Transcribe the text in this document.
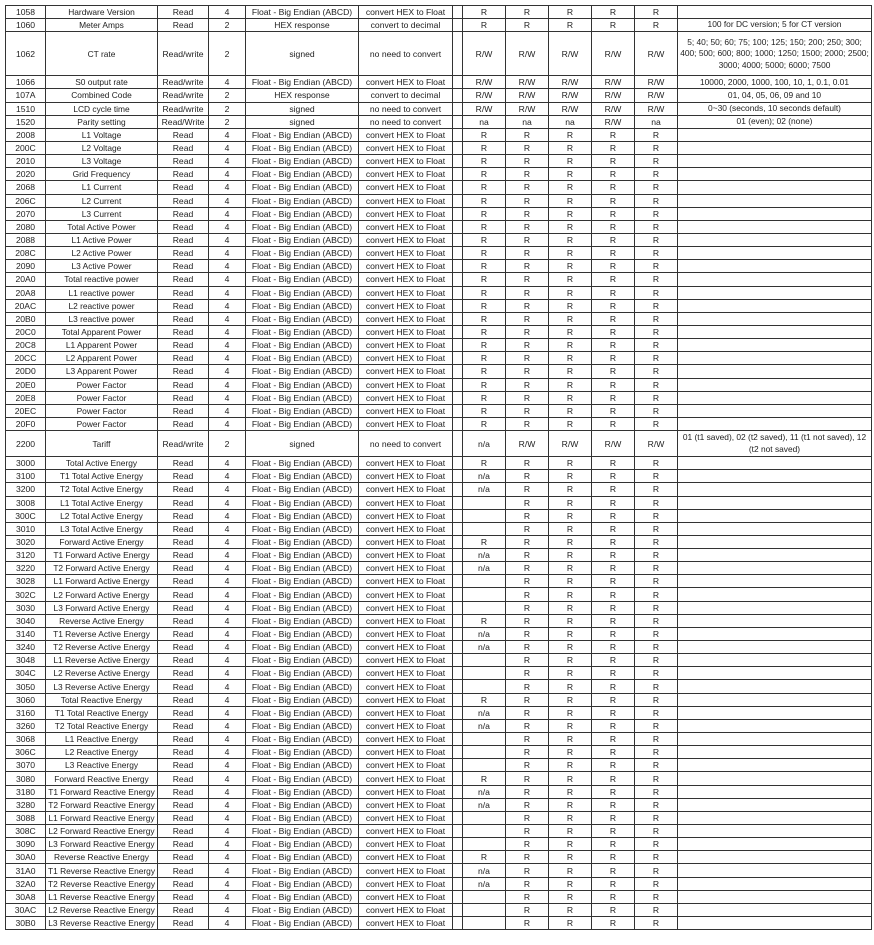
1058	Hardware Version	Read	4	Float - Big Endian (ABCD)	convert HEX to Float		R	R	R	R	R	
1060	Meter Amps	Read	2	HEX response	convert to decimal		R	R	R	R	R	100 for DC version; 5 for CT version
1062	CT rate	Read/write	2	signed	no need to convert		R/W	R/W	R/W	R/W	R/W	5; 40; 50; 60; 75; 100; 125; 150; 200; 250; 300; 400; 500; 600; 800; 1000; 1250; 1500; 2000; 2500; 3000; 4000; 5000; 6000; 7500
1066	S0 output rate	Read/write	4	Float - Big Endian (ABCD)	convert HEX to Float		R/W	R/W	R/W	R/W	R/W	10000, 2000, 1000, 100, 10, 1, 0.1, 0.01
107A	Combined Code	Read/write	2	HEX response	convert to decimal		R/W	R/W	R/W	R/W	R/W	01, 04, 05, 06, 09 and 10
1510	LCD cycle time	Read/write	2	signed	no need to convert		R/W	R/W	R/W	R/W	R/W	0~30 (seconds, 10 seconds default)
1520	Parity setting	Read/Write	2	signed	no need to convert		na	na	na	R/W	na	01 (even); 02 (none)
2008	L1 Voltage	Read	4	Float - Big Endian (ABCD)	convert HEX to Float		R	R	R	R	R	
200C	L2 Voltage	Read	4	Float - Big Endian (ABCD)	convert HEX to Float		R	R	R	R	R	
2010	L3 Voltage	Read	4	Float - Big Endian (ABCD)	convert HEX to Float		R	R	R	R	R	
2020	Grid Frequency	Read	4	Float - Big Endian (ABCD)	convert HEX to Float		R	R	R	R	R	
2068	L1 Current	Read	4	Float - Big Endian (ABCD)	convert HEX to Float		R	R	R	R	R	
206C	L2 Current	Read	4	Float - Big Endian (ABCD)	convert HEX to Float		R	R	R	R	R	
2070	L3 Current	Read	4	Float - Big Endian (ABCD)	convert HEX to Float		R	R	R	R	R	
2080	Total Active Power	Read	4	Float - Big Endian (ABCD)	convert HEX to Float		R	R	R	R	R	
2088	L1 Active Power	Read	4	Float - Big Endian (ABCD)	convert HEX to Float		R	R	R	R	R	
208C	L2 Active Power	Read	4	Float - Big Endian (ABCD)	convert HEX to Float		R	R	R	R	R	
2090	L3 Active Power	Read	4	Float - Big Endian (ABCD)	convert HEX to Float		R	R	R	R	R	
20A0	Total reactive power	Read	4	Float - Big Endian (ABCD)	convert HEX to Float		R	R	R	R	R	
20A8	L1 reactive power	Read	4	Float - Big Endian (ABCD)	convert HEX to Float		R	R	R	R	R	
20AC	L2 reactive power	Read	4	Float - Big Endian (ABCD)	convert HEX to Float		R	R	R	R	R	
20B0	L3 reactive power	Read	4	Float - Big Endian (ABCD)	convert HEX to Float		R	R	R	R	R	
20C0	Total Apparent Power	Read	4	Float - Big Endian (ABCD)	convert HEX to Float		R	R	R	R	R	
20C8	L1 Apparent Power	Read	4	Float - Big Endian (ABCD)	convert HEX to Float		R	R	R	R	R	
20CC	L2 Apparent Power	Read	4	Float - Big Endian (ABCD)	convert HEX to Float		R	R	R	R	R	
20D0	L3 Apparent Power	Read	4	Float - Big Endian (ABCD)	convert HEX to Float		R	R	R	R	R	
20E0	Power Factor	Read	4	Float - Big Endian (ABCD)	convert HEX to Float		R	R	R	R	R	
20E8	Power Factor	Read	4	Float - Big Endian (ABCD)	convert HEX to Float		R	R	R	R	R	
20EC	Power Factor	Read	4	Float - Big Endian (ABCD)	convert HEX to Float		R	R	R	R	R	
20F0	Power Factor	Read	4	Float - Big Endian (ABCD)	convert HEX to Float		R	R	R	R	R	
2200	Tariff	Read/write	2	signed	no need to convert		n/a	R/W	R/W	R/W	R/W	01 (t1 saved), 02 (t2 saved), 11 (t1 not saved), 12 (t2 not saved)
3000	Total Active Energy	Read	4	Float - Big Endian (ABCD)	convert HEX to Float		R	R	R	R	R	
3100	T1 Total Active Energy	Read	4	Float - Big Endian (ABCD)	convert HEX to Float		n/a	R	R	R	R	
3200	T2 Total Active Energy	Read	4	Float - Big Endian (ABCD)	convert HEX to Float		n/a	R	R	R	R	
3008	L1 Total Active Energy	Read	4	Float - Big Endian (ABCD)	convert HEX to Float			R	R	R	R	
300C	L2 Total Active Energy	Read	4	Float - Big Endian (ABCD)	convert HEX to Float			R	R	R	R	
3010	L3 Total Active Energy	Read	4	Float - Big Endian (ABCD)	convert HEX to Float			R	R	R	R	
3020	Forward Active Energy	Read	4	Float - Big Endian (ABCD)	convert HEX to Float		R	R	R	R	R	
3120	T1 Forward Active Energy	Read	4	Float - Big Endian (ABCD)	convert HEX to Float		n/a	R	R	R	R	
3220	T2 Forward Active Energy	Read	4	Float - Big Endian (ABCD)	convert HEX to Float		n/a	R	R	R	R	
3028	L1 Forward Active Energy	Read	4	Float - Big Endian (ABCD)	convert HEX to Float			R	R	R	R	
302C	L2 Forward Active Energy	Read	4	Float - Big Endian (ABCD)	convert HEX to Float			R	R	R	R	
3030	L3 Forward Active Energy	Read	4	Float - Big Endian (ABCD)	convert HEX to Float			R	R	R	R	
3040	Reverse Active Energy	Read	4	Float - Big Endian (ABCD)	convert HEX to Float		R	R	R	R	R	
3140	T1 Reverse Active Energy	Read	4	Float - Big Endian (ABCD)	convert HEX to Float		n/a	R	R	R	R	
3240	T2 Reverse Active Energy	Read	4	Float - Big Endian (ABCD)	convert HEX to Float		n/a	R	R	R	R	
3048	L1 Reverse Active Energy	Read	4	Float - Big Endian (ABCD)	convert HEX to Float			R	R	R	R	
304C	L2 Reverse Active Energy	Read	4	Float - Big Endian (ABCD)	convert HEX to Float			R	R	R	R	
3050	L3 Reverse Active Energy	Read	4	Float - Big Endian (ABCD)	convert HEX to Float			R	R	R	R	
3060	Total Reactive Energy	Read	4	Float - Big Endian (ABCD)	convert HEX to Float		R	R	R	R	R	
3160	T1 Total Reactive Energy	Read	4	Float - Big Endian (ABCD)	convert HEX to Float		n/a	R	R	R	R	
3260	T2 Total Reactive Energy	Read	4	Float - Big Endian (ABCD)	convert HEX to Float		n/a	R	R	R	R	
3068	L1 Reactive Energy	Read	4	Float - Big Endian (ABCD)	convert HEX to Float			R	R	R	R	
306C	L2 Reactive Energy	Read	4	Float - Big Endian (ABCD)	convert HEX to Float			R	R	R	R	
3070	L3 Reactive Energy	Read	4	Float - Big Endian (ABCD)	convert HEX to Float			R	R	R	R	
3080	Forward Reactive Energy	Read	4	Float - Big Endian (ABCD)	convert HEX to Float		R	R	R	R	R	
3180	T1 Forward Reactive Energy	Read	4	Float - Big Endian (ABCD)	convert HEX to Float		n/a	R	R	R	R	
3280	T2 Forward Reactive Energy	Read	4	Float - Big Endian (ABCD)	convert HEX to Float		n/a	R	R	R	R	
3088	L1 Forward Reactive Energy	Read	4	Float - Big Endian (ABCD)	convert HEX to Float			R	R	R	R	
308C	L2 Forward Reactive Energy	Read	4	Float - Big Endian (ABCD)	convert HEX to Float			R	R	R	R	
3090	L3 Forward Reactive Energy	Read	4	Float - Big Endian (ABCD)	convert HEX to Float			R	R	R	R	
30A0	Reverse Reactive Energy	Read	4	Float - Big Endian (ABCD)	convert HEX to Float		R	R	R	R	R	
31A0	T1 Reverse Reactive Energy	Read	4	Float - Big Endian (ABCD)	convert HEX to Float		n/a	R	R	R	R	
32A0	T2 Reverse Reactive Energy	Read	4	Float - Big Endian (ABCD)	convert HEX to Float		n/a	R	R	R	R	
30A8	L1 Reverse Reactive Energy	Read	4	Float - Big Endian (ABCD)	convert HEX to Float			R	R	R	R	
30AC	L2 Reverse Reactive Energy	Read	4	Float - Big Endian (ABCD)	convert HEX to Float			R	R	R	R	
30B0	L3 Reverse Reactive Energy	Read	4	Float - Big Endian (ABCD)	convert HEX to Float			R	R	R	R	
